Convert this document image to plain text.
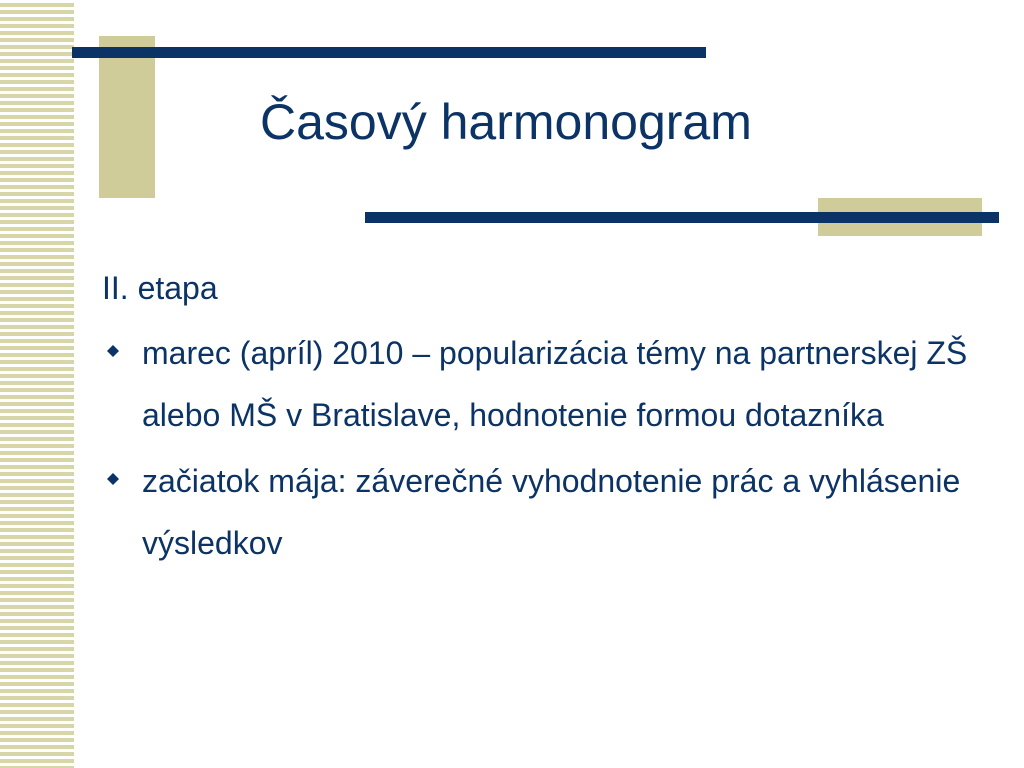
Časový harmonogram
II. etapa
marec (apríl) 2010 – popularizácia témy na partnerskej ZŠ alebo MŠ v Bratislave, hodnotenie formou dotazníka
začiatok mája: záverečné vyhodnotenie prác a vyhlásenie výsledkov
